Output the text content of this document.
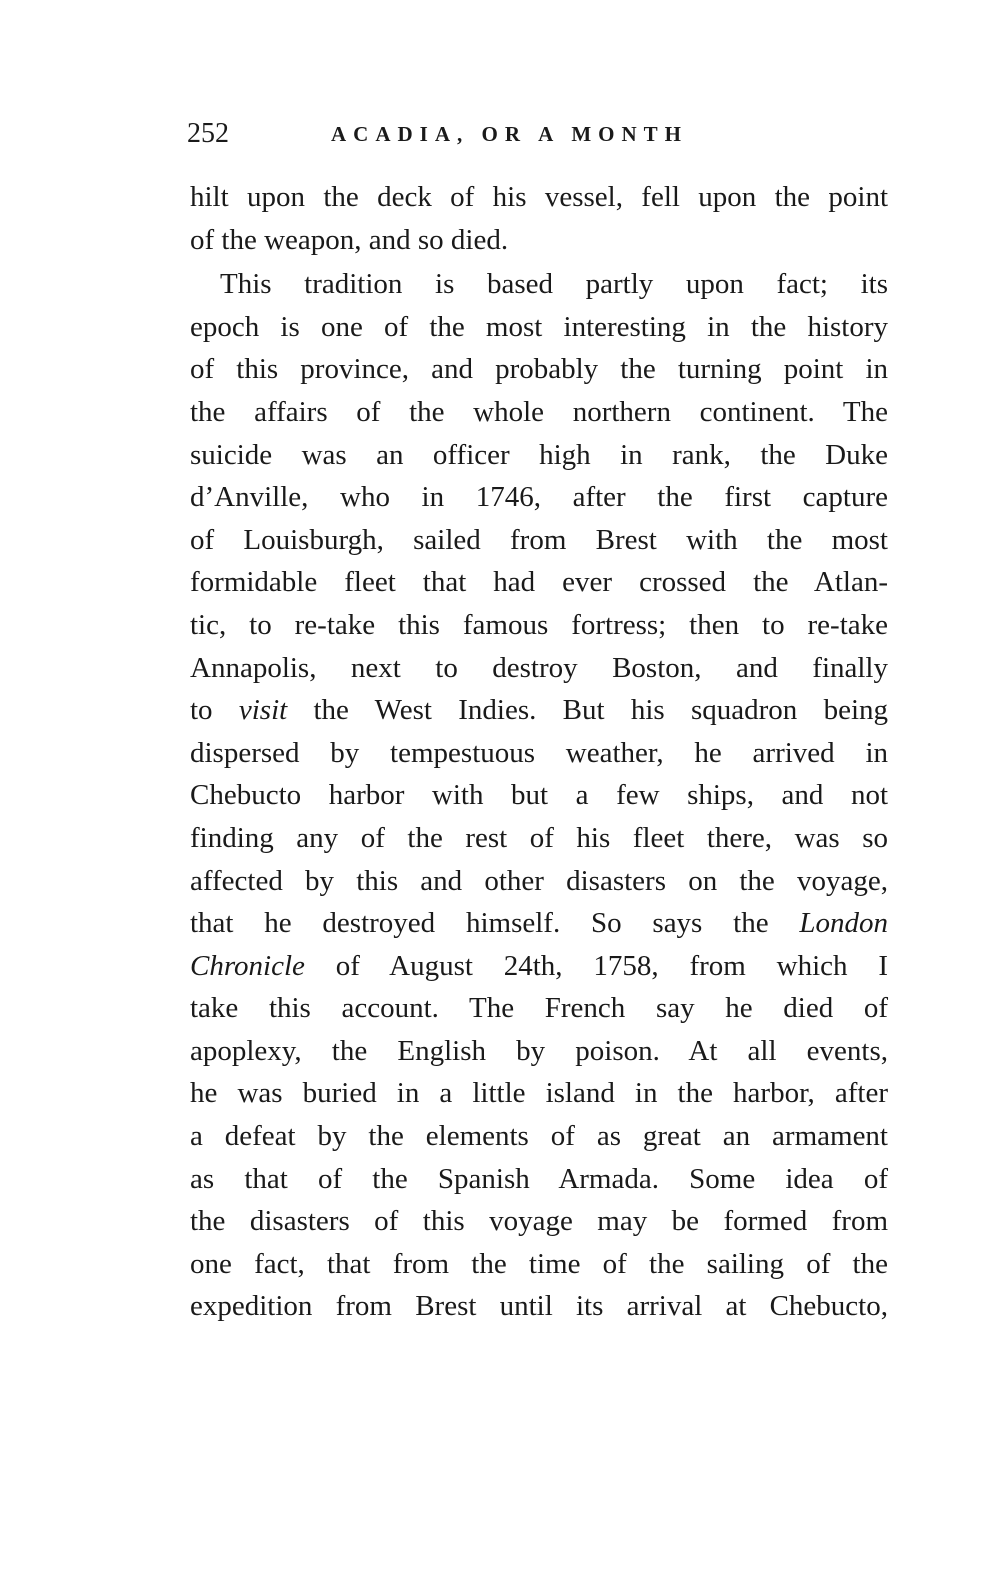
252	ACADIA, OR A MONTH
hilt upon the deck of his vessel, fell upon the point
of the weapon, and so died.
This tradition is based partly upon fact; its
epoch is one of the most interesting in the history
of this province, and probably the turning point in
the affairs of the whole northern continent. The
suicide was an officer high in rank, the Duke
d’Anville, who in 1746, after the first capture
of Louisburgh, sailed from Brest with the most
formidable fleet that had ever crossed the Atlan-
tic, to re-take this famous fortress; then to re-take
Annapolis, next to destroy Boston, and finally
to visit the West Indies. But his squadron being
dispersed by tempestuous weather, he arrived in
Chebucto harbor with but a few ships, and not
finding any of the rest of his fleet there, was so
affected by this and other disasters on the voyage,
that he destroyed himself. So says the London
Chronicle of August 24th, 1758, from which I
take this account. The French say he died of
apoplexy, the English by poison. At all events,
he was buried in a little island in the harbor, after
a defeat by the elements of as great an armament
as that of the Spanish Armada. Some idea of
the disasters of this voyage may be formed from
one fact, that from the time of the sailing of the
expedition from Brest until its arrival at Chebucto,
